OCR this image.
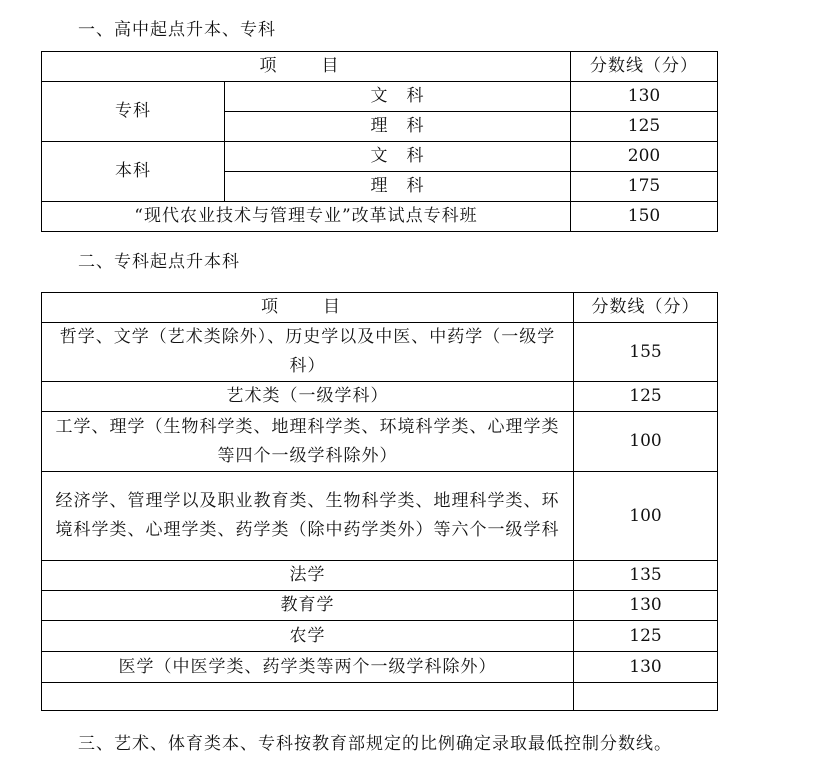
一、高中起点升本、专科
项　目		分数线（分）
专科	文　科	130
	理　科	125
本科	文　科	200
	理　科	175
“现代农业技术与管理专业”改革试点专科班		150
二、专科起点升本科
项　目	分数线（分）
哲学、文学（艺术类除外）、历史学以及中医、中药学（一级学科）	155
艺术类（一级学科）	125
工学、理学（生物科学类、地理科学类、环境科学类、心理学类等四个一级学科除外）	100
经济学、管理学以及职业教育类、生物科学类、地理科学类、环境科学类、心理学类、药学类（除中药学类外）等六个一级学科	100
法学	135
教育学	130
农学	125
医学（中医学类、药学类等两个一级学科除外）	130

三、艺术、体育类本、专科按教育部规定的比例确定录取最低控制分数线。
